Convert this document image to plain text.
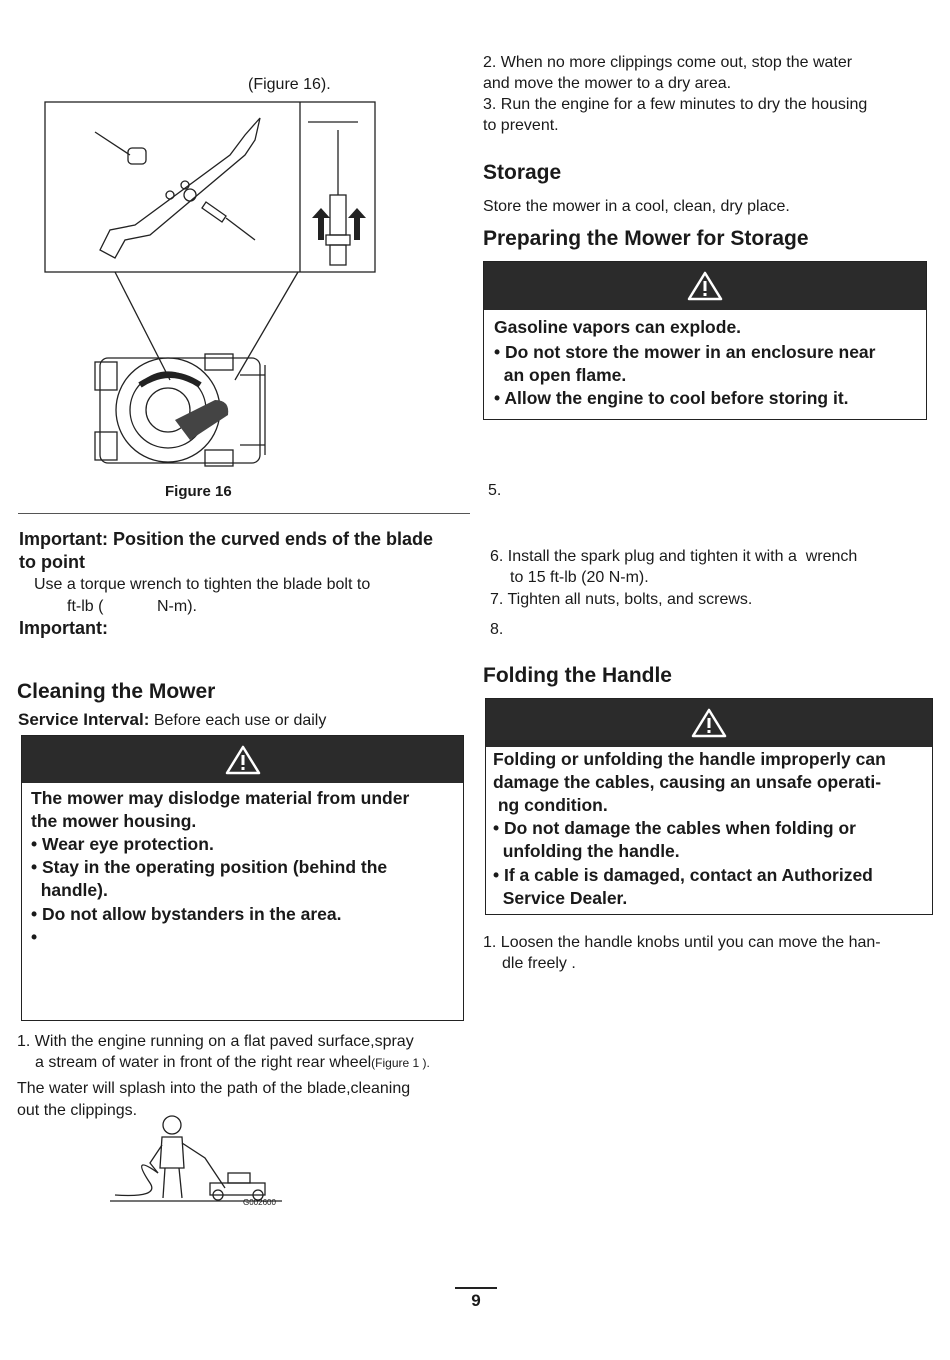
(Figure 16).
Figure 16
Important: Position the curved ends of the blade
to point
Use a torque wrench to tighten the blade bolt to
ft-lb (	N-m).
Important:
Cleaning the Mower
Service Interval: Before each use or daily
The mower may dislodge material from under
the mower housing.
• Wear eye protection.
• Stay in the operating position (behind the
handle).
• Do not allow bystanders in the area.
•
1. With the engine running on a flat paved surface,spray
a stream of water in front of the right rear wheel(Figure 1 ).
The water will splash into the path of the blade,cleaning
out the clippings.
G002600
2. When no more clippings come out, stop the water
and move the mower to a dry area.
3. Run the engine for a few minutes to dry the housing
to prevent.
Storage
Store the mower in a cool, clean, dry place.
Preparing the Mower for Storage
Gasoline vapors can explode.
• Do not store the mower in an enclosure near
an open flame.
• Allow the engine to cool before storing it.
5.
6. Install the spark plug and tighten it with a  wrench
to 15 ft-lb (20 N-m).
7. Tighten all nuts, bolts, and screws.
8.
Folding the Handle
Folding or unfolding the handle improperly can
damage the cables, causing an unsafe operati-
ng condition.
• Do not damage the cables when folding or
unfolding the handle.
• If a cable is damaged, contact an Authorized
Service Dealer.
1. Loosen the handle knobs until you can move the han-
dle freely .
9
